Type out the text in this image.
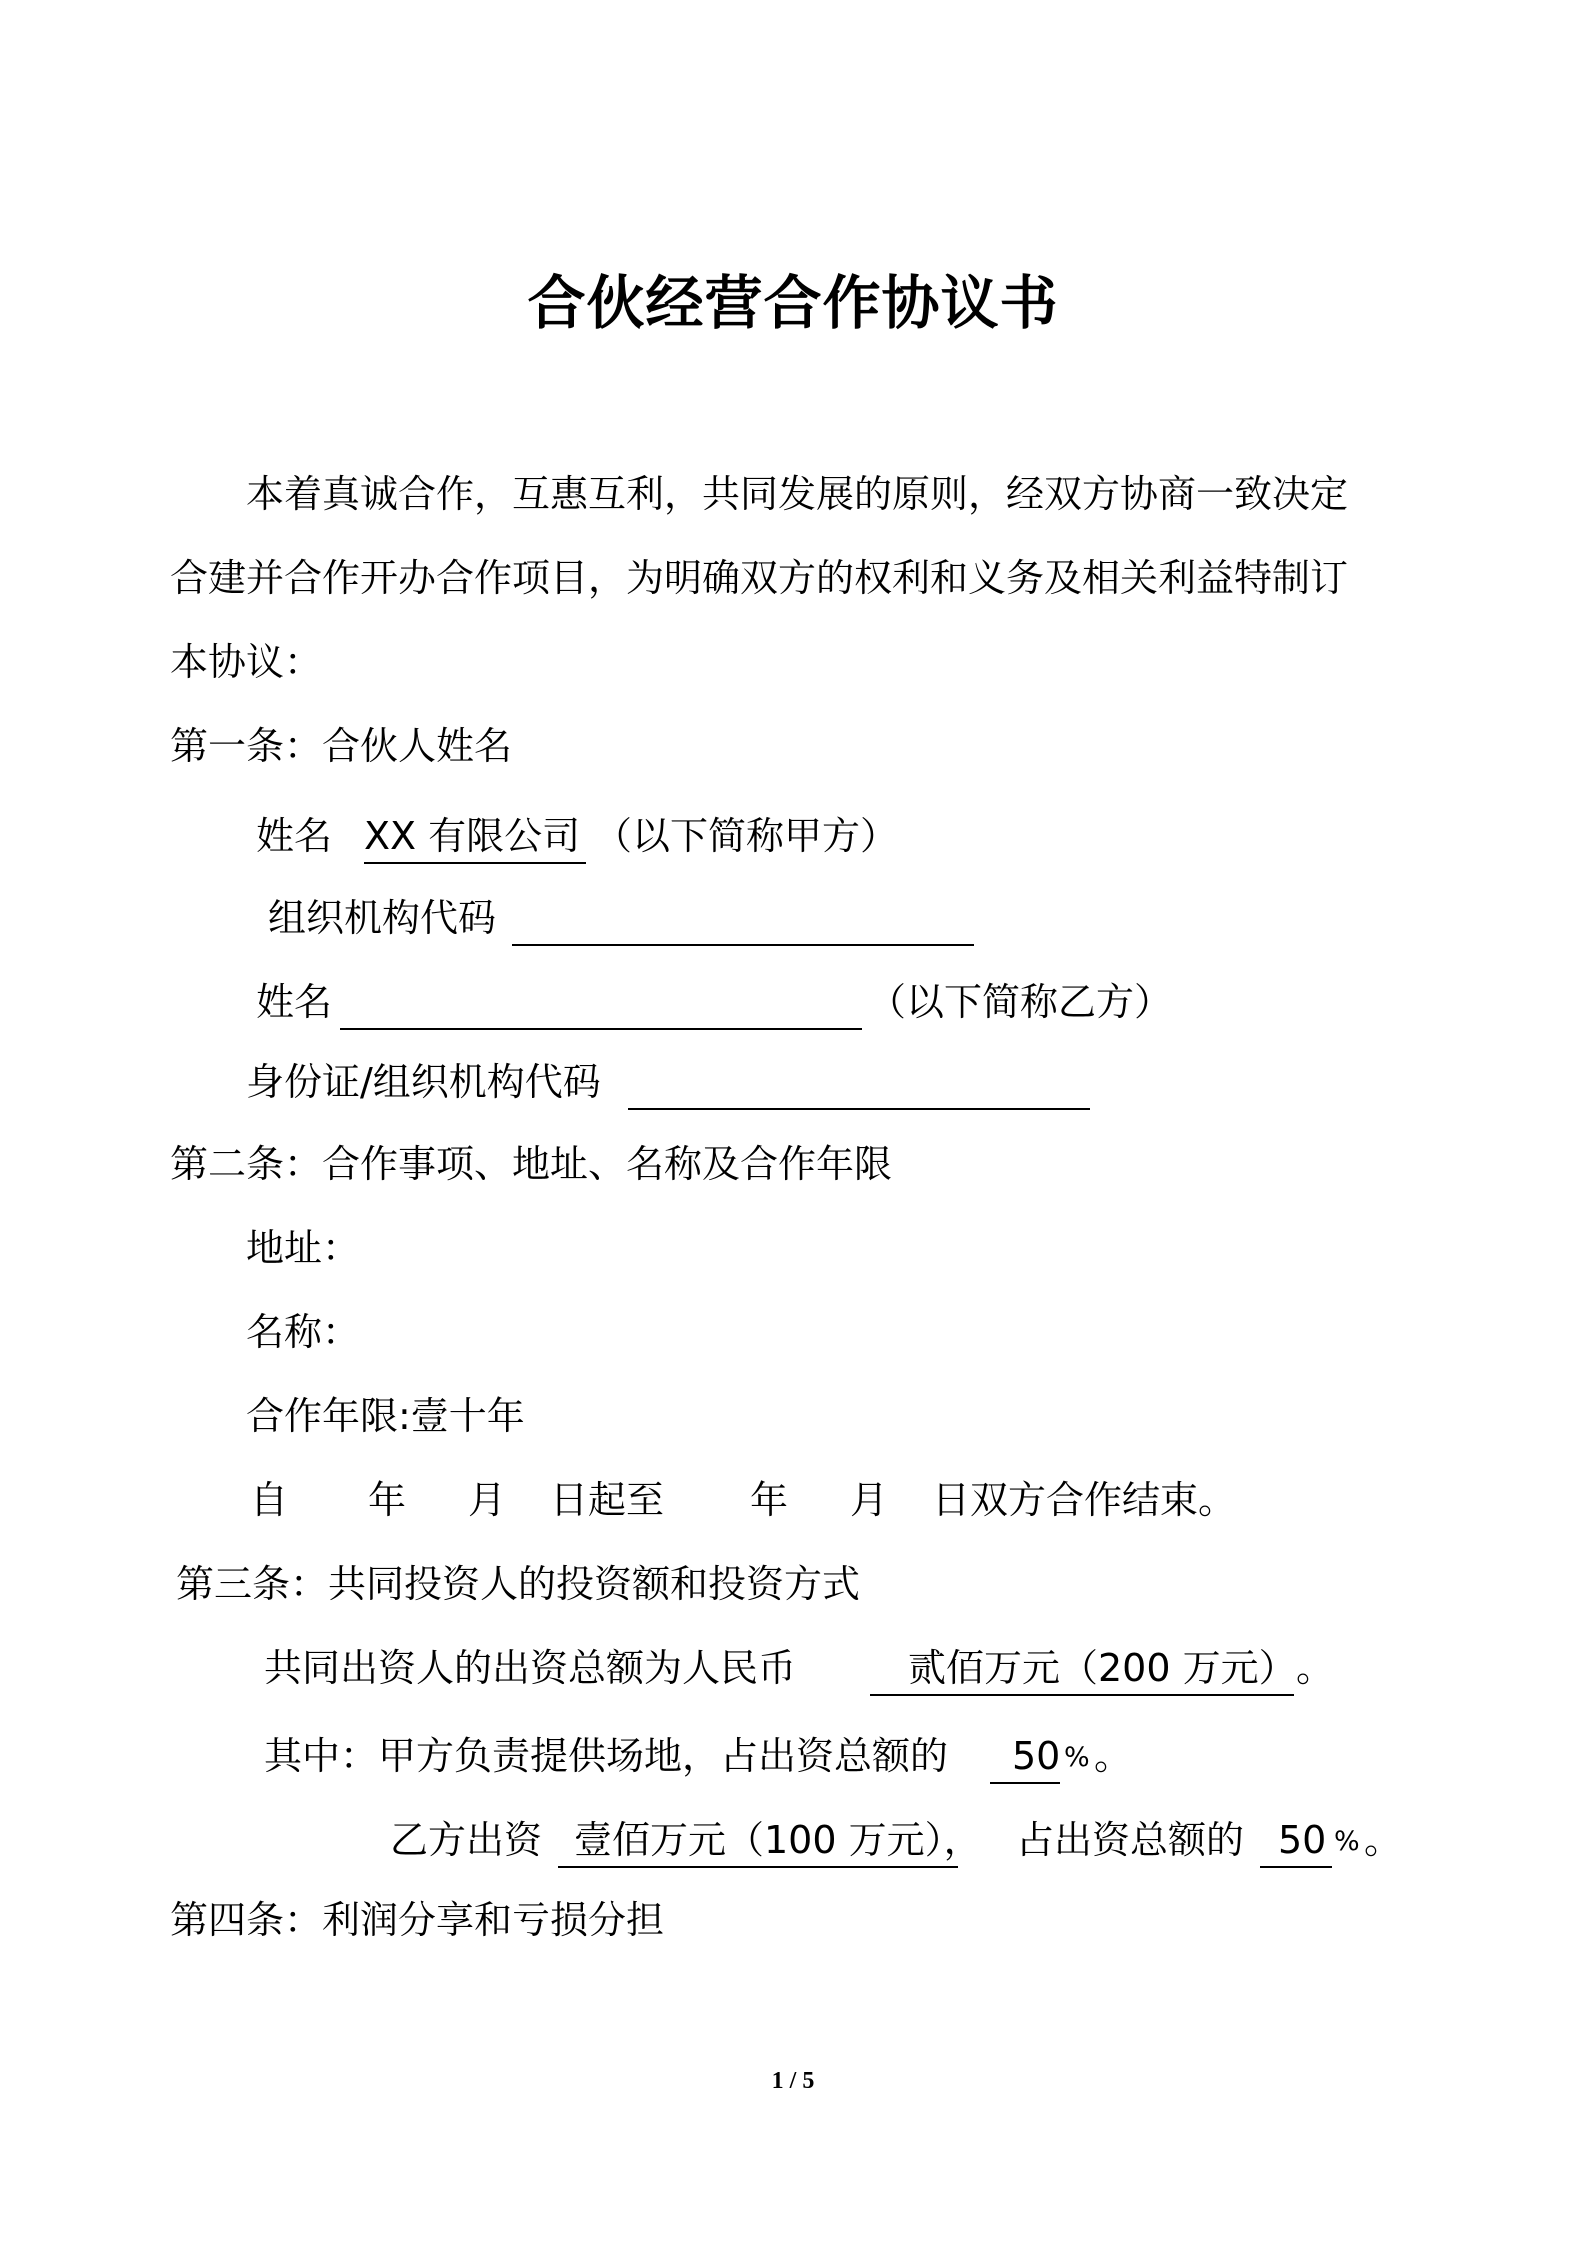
合伙经营合作协议书
本着真诚合作，互惠互利，共同发展的原则，经双方协商一致决定
合建并合作开办合作项目，为明确双方的权利和义务及相关利益特制订
本协议：
第一条：合伙人姓名
姓名 XX 有限公司 （以下简称甲方）
组织机构代码
姓名	（以下简称乙方）
身份证/组织机构代码
第二条：合作事项、地址、名称及合作年限
地址：
名称：
合作年限:壹十年
自 年 月 日起至 年 月 日双方合作结束。
第三条：共同投资人的投资额和投资方式
共同出资人的出资总额为人民币	贰佰万元（200 万元） 。
其中：甲方负责提供场地，占出资总额的 50 % 。
乙方出资 壹佰万元（100 万元）， 占出资总额的 50 % 。
第四条：利润分享和亏损分担
1 / 5
